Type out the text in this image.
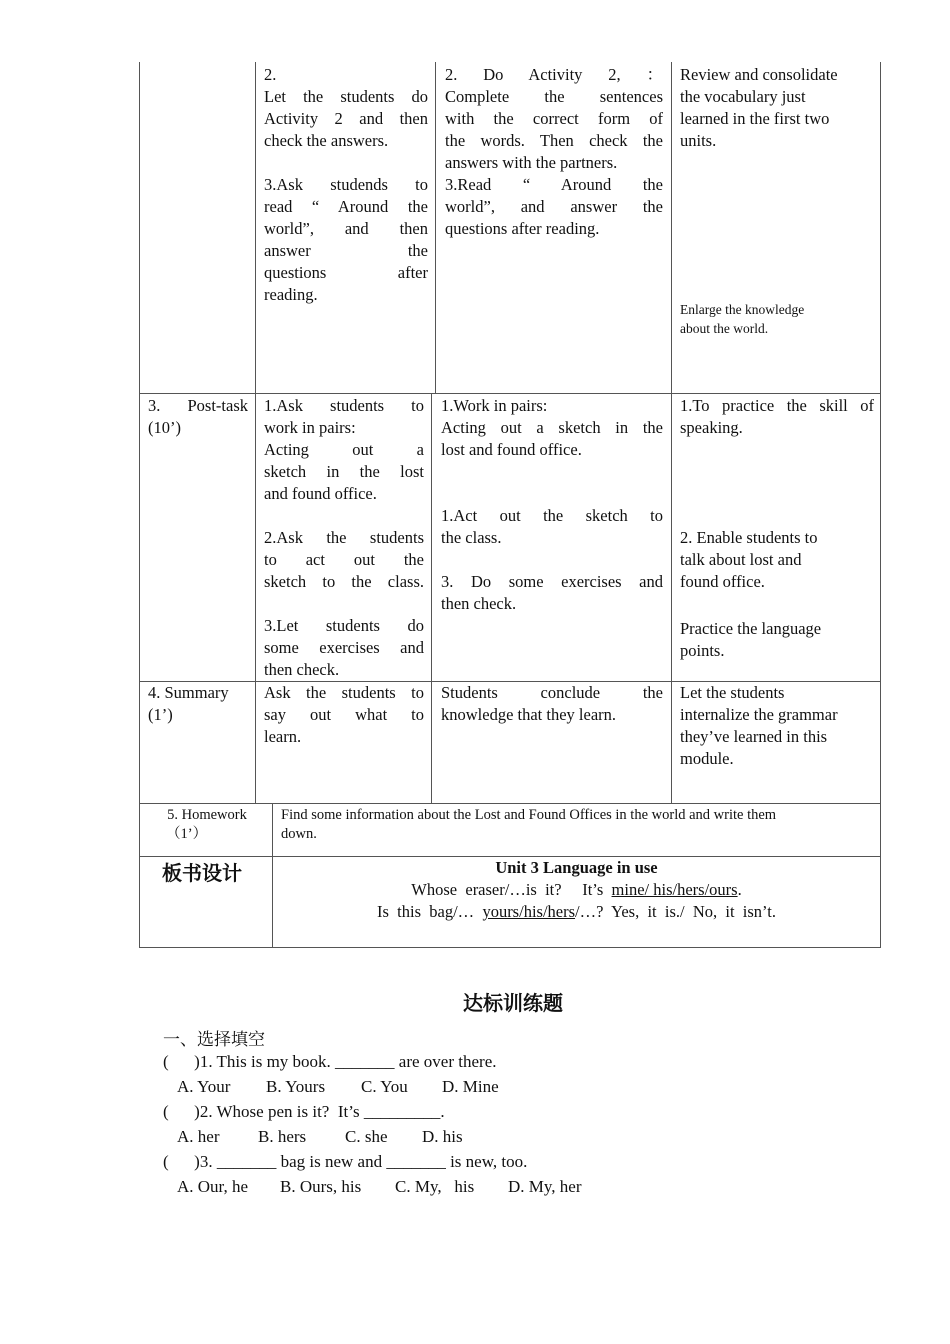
2.
Let the students do
Activity 2 and then
check the answers.
3.Ask studends to
read “ Around the
world”, and then
answer the
questions after
reading.
2. Do Activity 2, ：
Complete the sentences
with the correct form of
the words. Then check the
answers with the partners.
3.Read “ Around the
world”, and answer the
questions after reading.
Review and consolidate
the vocabulary just
learned in the first two
units.
Enlarge the knowledge
about the world.
3. Post-task
(10’)
1.Ask students to
work in pairs:
Acting out a
sketch in the lost
and found office.
2.Ask the students
to act out the
sketch to the class.
3.Let students do
some exercises and
then check.
1.Work in pairs:
Acting out a sketch in the
lost and found office.
1.Act out the sketch to
the class.
3. Do some exercises and
then check.
1.To practice the skill of
speaking.
2. Enable students to
talk about lost and
found office.
Practice the language
points.
4. Summary
(1’)
Ask the students to
say out what to
learn.
Students conclude the
knowledge that they learn.
Let the students
internalize the grammar
they’ve learned in this
module.
5. Homework
（1’）
Find some information about the Lost and Found Offices in the world and write them
down.
板书设计	Unit 3 Language in use
Whose  eraser/…is  it?     It’s  mine/ his/hers/ours.
Is  this  bag/…  yours/his/hers/…?  Yes,  it  is./  No,  it  isn’t.
达标训练题
一、选择填空
(      )1. This is my book. _______ are over there.
A. Your B. Yours C. You D. Mine
(      )2. Whose pen is it?  It’s _________.
A. her B. hers C. she D. his
(      )3. _______ bag is new and _______ is new, too.
A. Our, he B. Ours, his C. My,   his D. My, her
